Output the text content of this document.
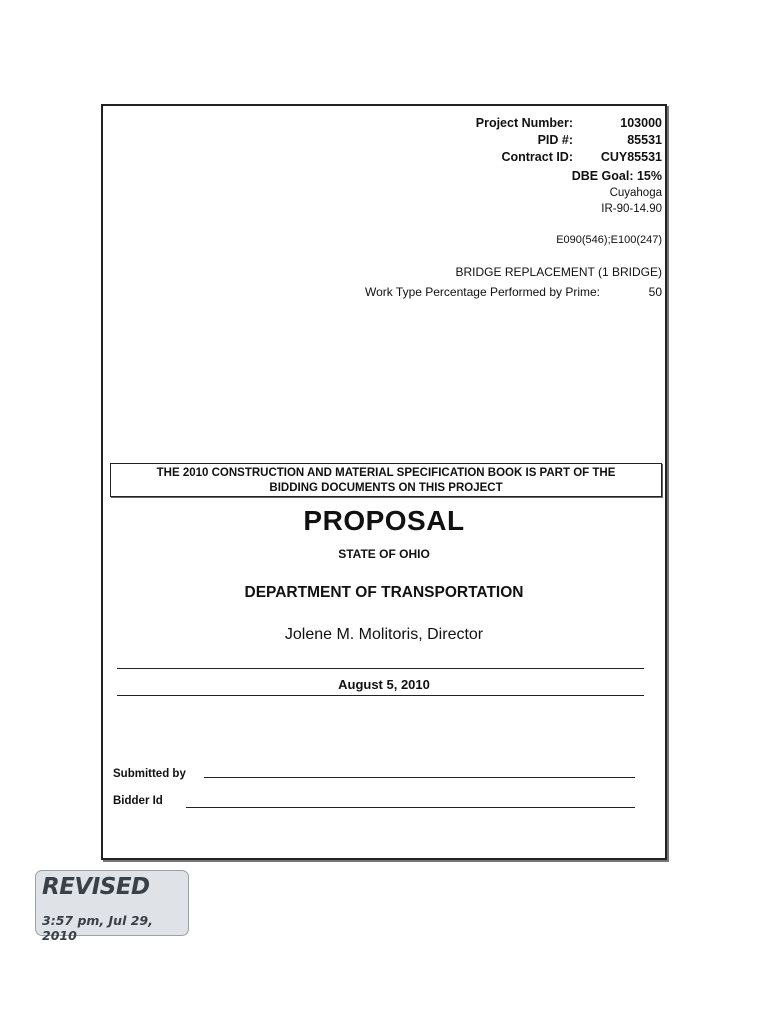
Project Number:	103000
PID #:	85531
Contract ID: CUY85531
DBE Goal: 15%
Cuyahoga
IR-90-14.90
E090(546);E100(247)
BRIDGE REPLACEMENT (1 BRIDGE)
Work Type Percentage Performed by Prime:	50
THE 2010 CONSTRUCTION AND MATERIAL SPECIFICATION BOOK IS PART OF THE
BIDDING DOCUMENTS ON THIS PROJECT
PROPOSAL
STATE OF OHIO
DEPARTMENT OF TRANSPORTATION
Jolene M. Molitoris, Director
August 5, 2010
Submitted by
Bidder Id
REVISED
3:57 pm, Jul 29, 2010
